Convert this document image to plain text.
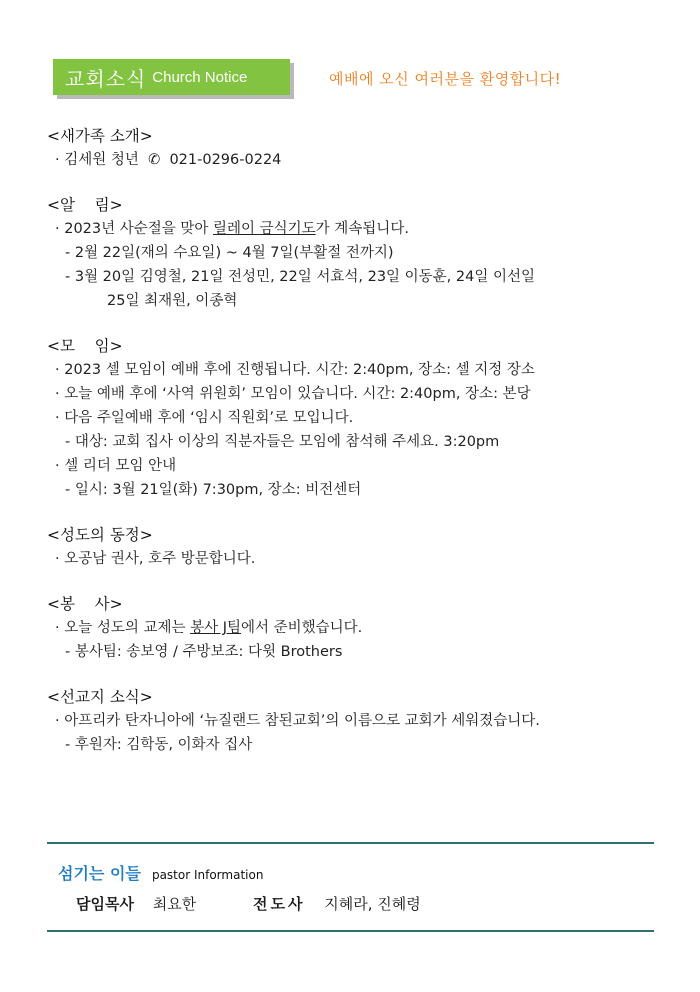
교회소식 Church Notice	예배에 오신 여러분을 환영합니다!
<새가족 소개>
· 김세원 청년  ✆  021-0296-0224
<알    림>
· 2023년 사순절을 맞아 릴레이 금식기도가 계속됩니다.
- 2월 22일(재의 수요일) ~ 4월 7일(부활절 전까지)
- 3월 20일 김영철, 21일 전성민, 22일 서효석, 23일 이동훈, 24일 이선일
25일 최재원, 이종혁
<모    임>
· 2023 셀 모임이 예배 후에 진행됩니다. 시간: 2:40pm, 장소: 셀 지정 장소
· 오늘 예배 후에 ‘사역 위원회’ 모임이 있습니다. 시간: 2:40pm, 장소: 본당
· 다음 주일예배 후에 ‘임시 직원회’로 모입니다.
- 대상: 교회 집사 이상의 직분자들은 모임에 참석해 주세요. 3:20pm
· 셀 리더 모임 안내
- 일시: 3월 21일(화) 7:30pm, 장소: 비전센터
<성도의 동정>
· 오공남 권사, 호주 방문합니다.
<봉    사>
· 오늘 성도의 교제는 봉사 J팀에서 준비했습니다.
- 봉사팀: 송보영 / 주방보조: 다윗 Brothers
<선교지 소식>
· 아프리카 탄자니아에 ‘뉴질랜드 참된교회’의 이름으로 교회가 세워졌습니다.
- 후원자: 김학동, 이화자 집사
섬기는 이들 pastor Information
담임목사 최요한	전도사 지혜라, 진혜령
